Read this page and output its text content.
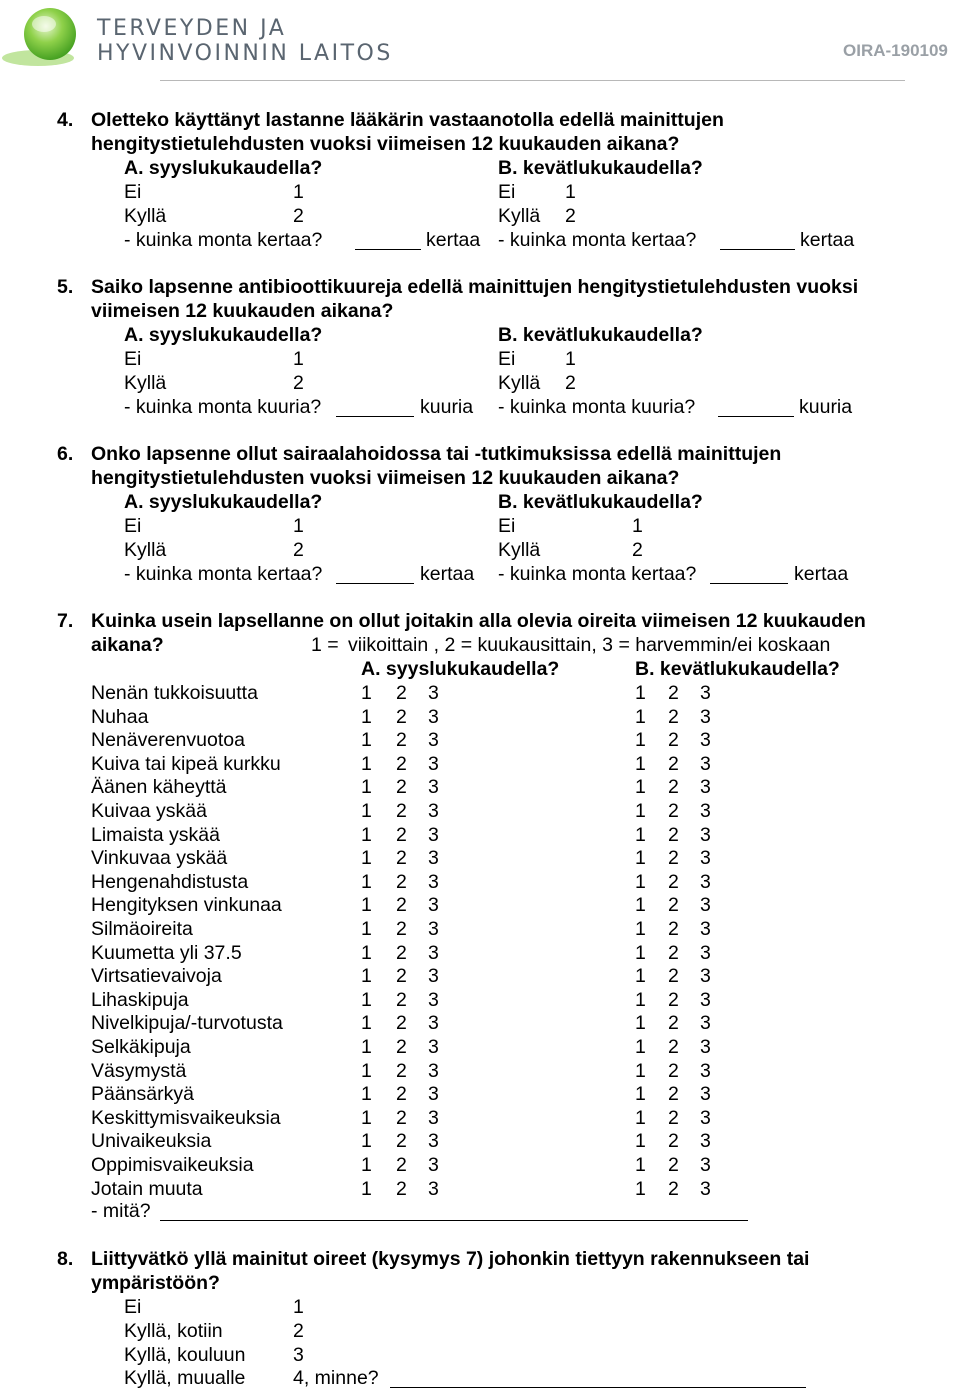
TERVEYDEN JA
HYVINVOINNIN LAITOS	OIRA-190109
4. Oletteko käyttänyt lastanne lääkärin vastaanotolla edellä mainittujen
hengitystietulehdusten vuoksi viimeisen 12 kuukauden aikana?
A. syyslukukaudella?	B. kevätlukukaudella?
Ei	1	Ei	1
Kyllä	2	Kyllä 2
- kuinka monta kertaa?	kertaa - kuinka monta kertaa?	kertaa
5. Saiko lapsenne antibioottikuureja edellä mainittujen hengitystietulehdusten vuoksi
viimeisen 12 kuukauden aikana?
A. syyslukukaudella?	B. kevätlukukaudella?
Ei	1	Ei	1
Kyllä	2	Kyllä 2
- kuinka monta kuuria?	kuuria - kuinka monta kuuria?	kuuria
6. Onko lapsenne ollut sairaalahoidossa tai -tutkimuksissa edellä mainittujen
hengitystietulehdusten vuoksi viimeisen 12 kuukauden aikana?
A. syyslukukaudella?	B. kevätlukukaudella?
Ei	1	Ei	1
Kyllä	2	Kyllä	2
- kuinka monta kertaa?	kertaa - kuinka monta kertaa?	kertaa
7. Kuinka usein lapsellanne on ollut joitakin alla olevia oireita viimeisen 12 kuukauden
aikana?	1 = viikoittain , 2 = kuukausittain, 3 = harvemmin/ei koskaan
A. syyslukukaudella?	B. kevätlukukaudella?
Nenän tukkoisuutta	1 2 3	1 2 3
Nuhaa	1 2 3	1 2 3
Nenäverenvuotoa	1 2 3	1 2 3
Kuiva tai kipeä kurkku	1 2 3	1 2 3
Äänen käheyttä	1 2 3	1 2 3
Kuivaa yskää	1 2 3	1 2 3
Limaista yskää	1 2 3	1 2 3
Vinkuvaa yskää	1 2 3	1 2 3
Hengenahdistusta	1 2 3	1 2 3
Hengityksen vinkunaa	1 2 3	1 2 3
Silmäoireita	1 2 3	1 2 3
Kuumetta yli 37.5	1 2 3	1 2 3
Virtsatievaivoja	1 2 3	1 2 3
Lihaskipuja	1 2 3	1 2 3
Nivelkipuja/-turvotusta	1 2 3	1 2 3
Selkäkipuja	1 2 3	1 2 3
Väsymystä	1 2 3	1 2 3
Päänsärkyä	1 2 3	1 2 3
Keskittymisvaikeuksia	1 2 3	1 2 3
Univaikeuksia	1 2 3	1 2 3
Oppimisvaikeuksia	1 2 3	1 2 3
Jotain muuta	1 2 3	1 2 3
- mitä?
8. Liittyvätkö yllä mainitut oireet (kysymys 7) johonkin tiettyyn rakennukseen tai
ympäristöön?
Ei	1
Kyllä, kotiin	2
Kyllä, kouluun 3
Kyllä, muualle 4, minne?
